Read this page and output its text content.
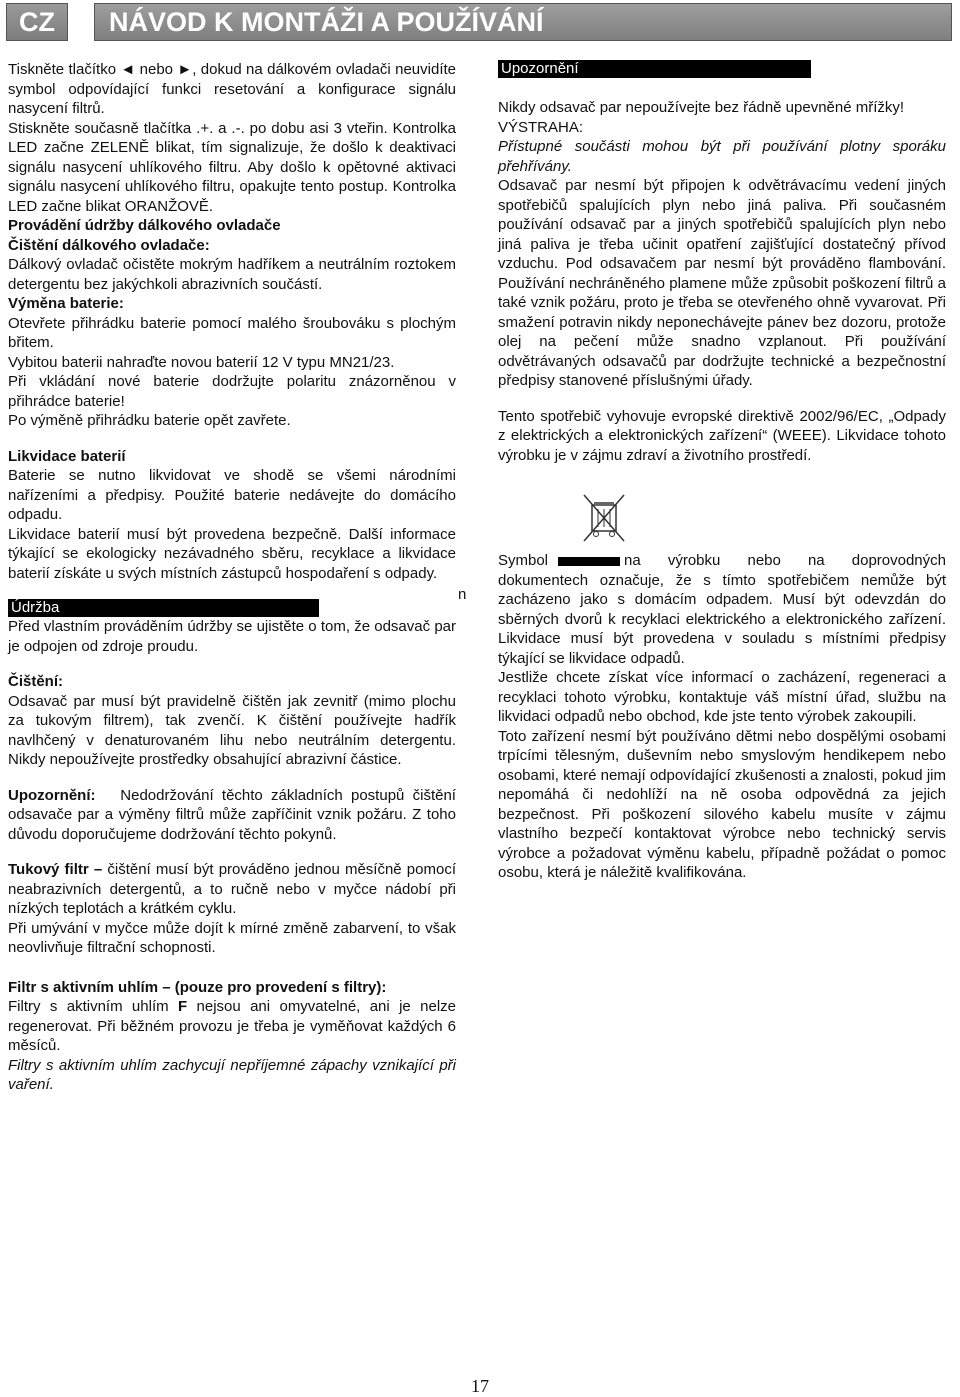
CZ	NÁVOD K MONTÁŽI A POUŽÍVÁNÍ

Tiskněte tlačítko ◄ nebo ►, dokud na dálkovém ovladači neuvidíte symbol odpovídající funkci resetování a konfigurace signálu nasycení filtrů.

Stiskněte současně tlačítka .+. a .-. po dobu asi 3 vteřin. Kontrolka LED začne ZELENĚ blikat, tím signalizuje, že došlo k deaktivaci signálu nasycení uhlíkového filtru. Aby došlo k opětovné aktivaci signálu nasycení uhlíkového filtru, opakujte tento postup. Kontrolka LED začne blikat ORANŽOVĚ.

Provádění údržby dálkového ovladače

Čištění dálkového ovladače:

Dálkový ovladač očistěte mokrým hadříkem a neutrálním roztokem detergentu bez jakýchkoli abrazivních součástí.

Výměna baterie:

Otevřete přihrádku baterie pomocí malého šroubováku s plochým břitem.

Vybitou baterii nahraďte novou baterií 12 V typu MN21/23.

Při vkládání nové baterie dodržujte polaritu znázorněnou v přihrádce baterie!

Po výměně přihrádku baterie opět zavřete.

Likvidace baterií

Baterie se nutno likvidovat ve shodě se všemi národními nařízeními a předpisy. Použité baterie nedávejte do domácího odpadu.

Likvidace baterií musí být provedena bezpečně. Další informace týkající se ekologicky nezávadného sběru, recyklace a likvidace baterií získáte u svých místních zástupců hospodaření s odpady.

Údržba

Před vlastním prováděním údržby se ujistěte o tom, že odsavač par je odpojen od zdroje proudu.

Čištění:

Odsavač par musí být pravidelně čištěn jak zevnitř (mimo plochu za tukovým filtrem), tak zvenčí. K čištění používejte hadřík navlhčený v denaturovaném lihu nebo neutrálním detergentu. Nikdy nepoužívejte prostředky obsahující abrazivní částice.

Upozornění: Nedodržování těchto základních postupů čištění odsavače par a výměny filtrů může zapříčinit vznik požáru. Z toho důvodu doporučujeme dodržování těchto pokynů.

Tukový filtr – čištění musí být prováděno jednou měsíčně pomocí neabrazivních detergentů, a to ručně nebo v myčce nádobí při nízkých teplotách a krátkém cyklu.

Při umývání v myčce může dojít k mírné změně zabarvení, to však neovlivňuje filtrační schopnosti.

Filtr s aktivním uhlím – (pouze pro provedení s filtry):

Filtry s aktivním uhlím F nejsou ani omyvatelné, ani je nelze regenerovat. Při běžném provozu je třeba je vyměňovat každých 6 měsíců.

Filtry s aktivním uhlím zachycují nepříjemné zápachy vznikající při vaření.

n
Upozornění

Nikdy odsavač par nepoužívejte bez řádně upevněné mřížky!

VÝSTRAHA:

Přístupné součásti mohou být při používání plotny sporáku přehřívány.

Odsavač par nesmí být připojen k odvětrávacímu vedení jiných spotřebičů spalujících plyn nebo jiná paliva. Při současném používání odsavač par a jiných spotřebičů spalujících plyn nebo jiná paliva je třeba učinit opatření zajišťující dostatečný přívod vzduchu. Pod odsavačem par nesmí být prováděno flambování. Používání nechráněného plamene může způsobit poškození filtrů a také vznik požáru, proto je třeba se otevřeného ohně vyvarovat. Při smažení potravin nikdy neponechávejte pánev bez dozoru, protože olej na pečení může snadno vzplanout. Při používání odvětrávaných odsavačů par dodržujte technické a bezpečnostní předpisy stanovené příslušnými úřady.

Tento spotřebič vyhovuje evropské direktivě 2002/96/EC, „Odpady z elektrických a elektronických zařízení“ (WEEE). Likvidace tohoto výrobku je v zájmu zdraví a životního prostředí.

Symbol	na výrobku nebo na doprovodných dokumentech označuje, že s tímto spotřebičem nemůže být zacházeno jako s domácím odpadem. Musí být odevzdán do sběrných dvorů k recyklaci elektrického a elektronického zařízení. Likvidace musí být provedena v souladu s místními předpisy týkající se likvidace odpadů.

Jestliže chcete získat více informací o zacházení, regeneraci a recyklaci tohoto výrobku, kontaktuje váš místní úřad, službu na likvidaci odpadů nebo obchod, kde jste tento výrobek zakoupili.

Toto zařízení nesmí být používáno dětmi nebo dospělými osobami trpícími tělesným, duševním nebo smyslovým hendikepem nebo osobami, které nemají odpovídající zkušenosti a znalosti, pokud jim nepomáhá či nedohlíží na ně osoba odpovědná za jejich bezpečnost. Při poškození silového kabelu musíte v zájmu vlastního bezpečí kontaktovat výrobce nebo technický servis výrobce a požadovat výměnu kabelu, případně požádat o pomoc osobu, která je náležitě kvalifikována.

17
